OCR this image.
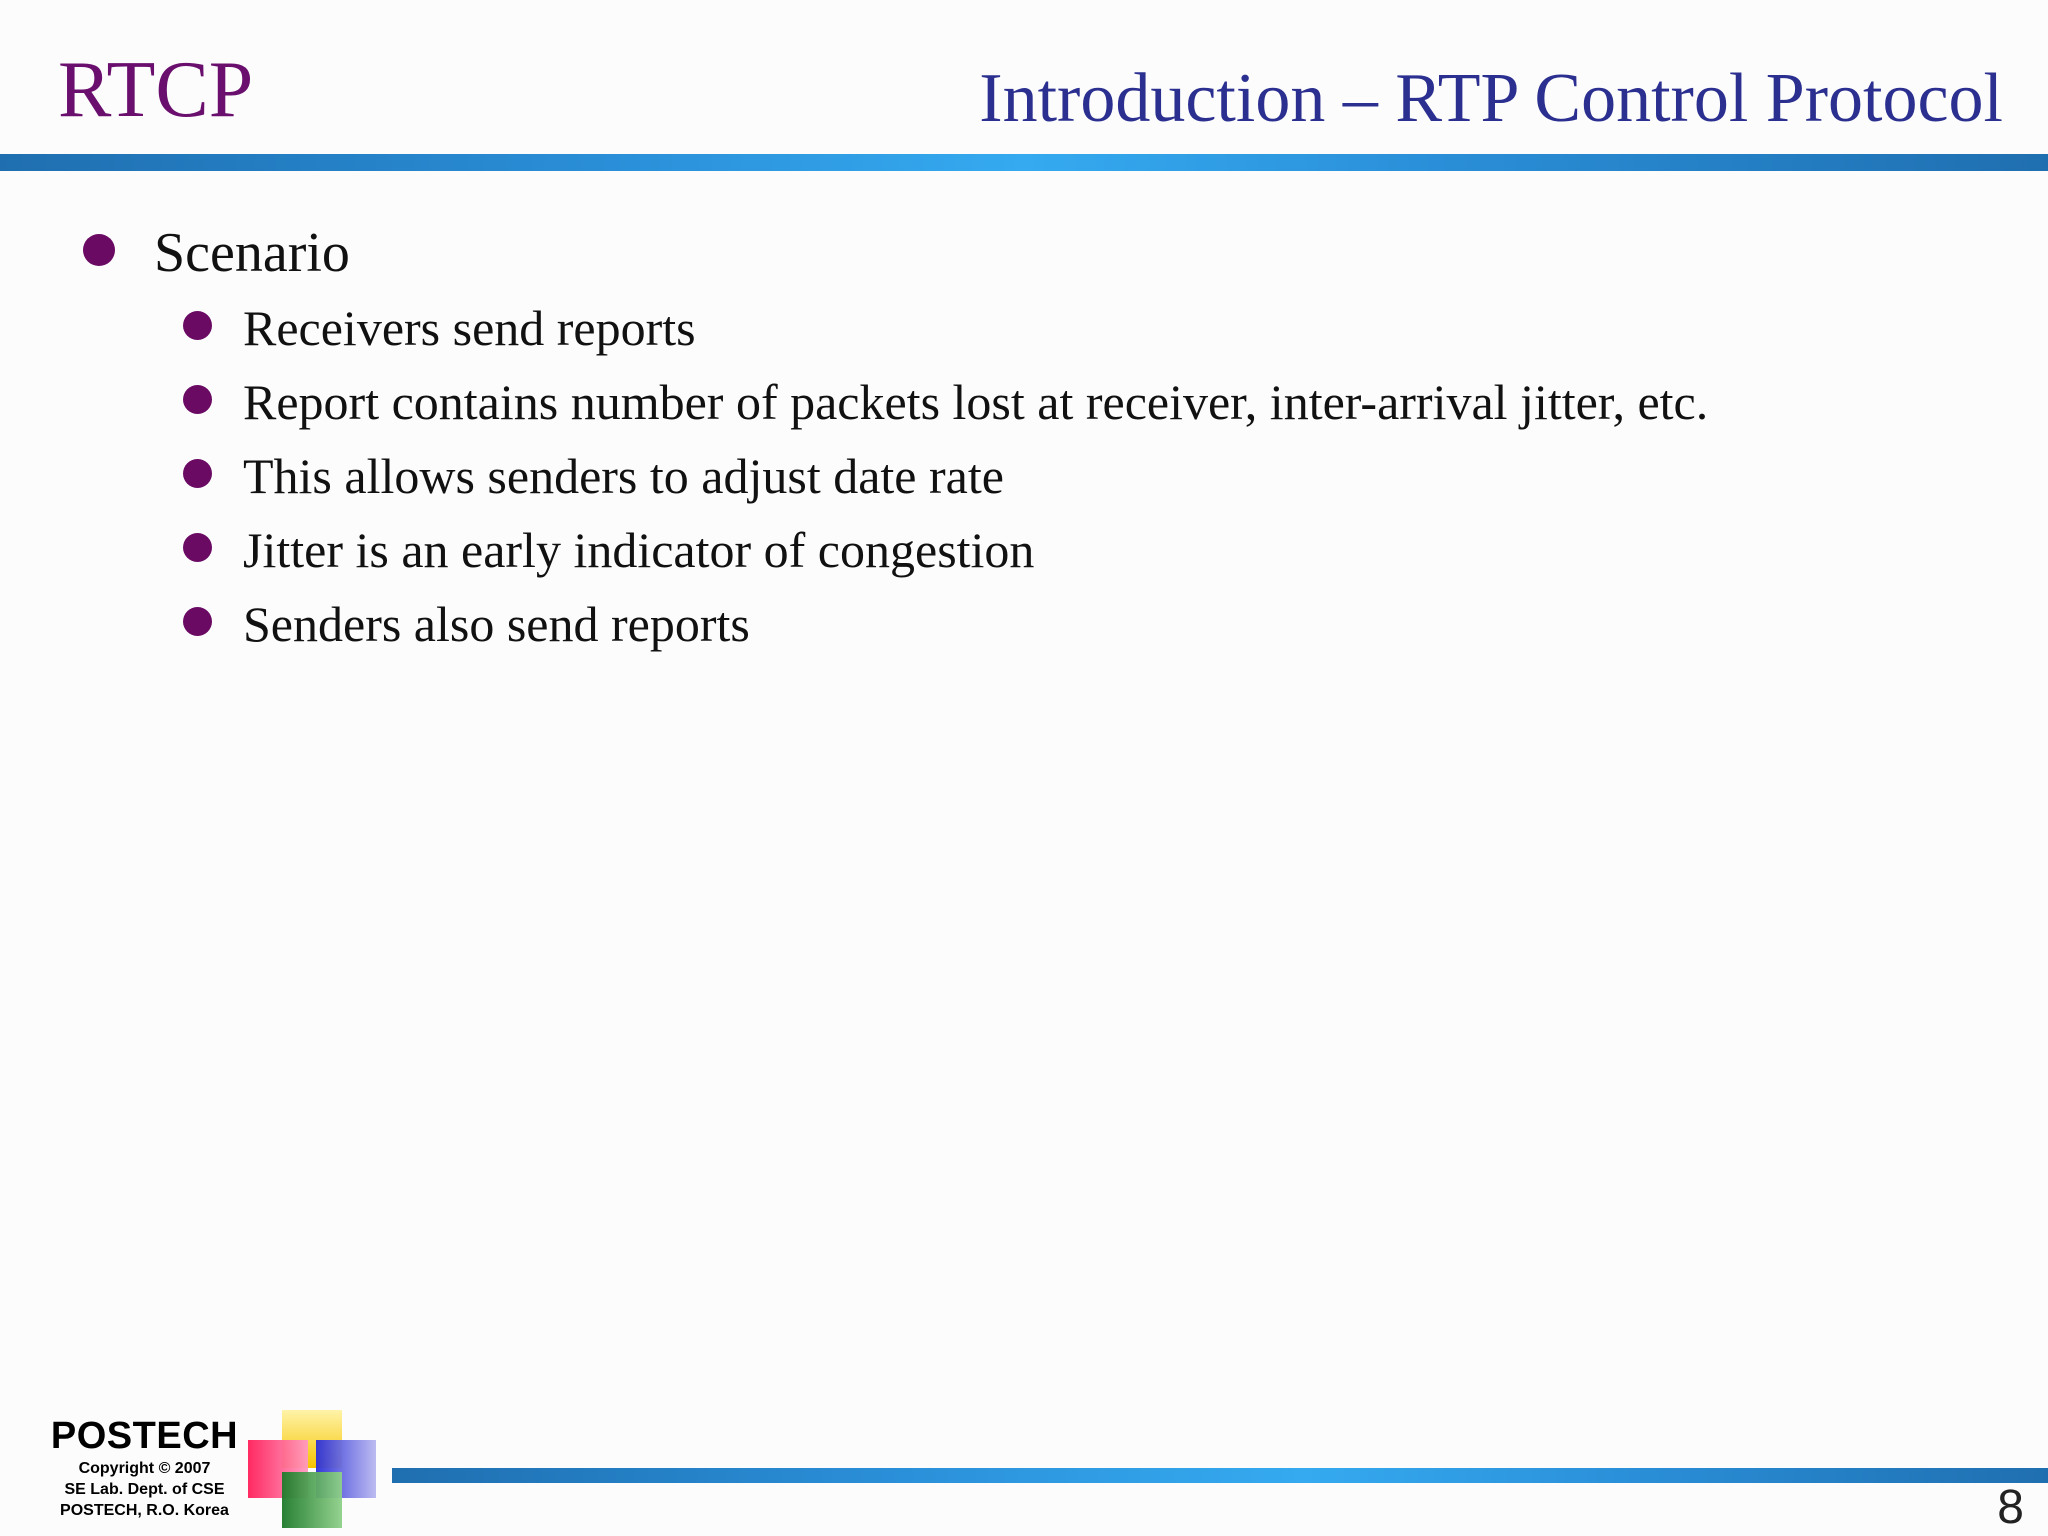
RTCP	Introduction – RTP Control Protocol
Scenario
Receivers send reports
Report contains number of packets lost at receiver, inter-arrival jitter, etc.
This allows senders to adjust date rate
Jitter is an early indicator of congestion
Senders also send reports
POSTECH
Copyright © 2007
SE Lab. Dept. of CSE
POSTECH, R.O. Korea	8
